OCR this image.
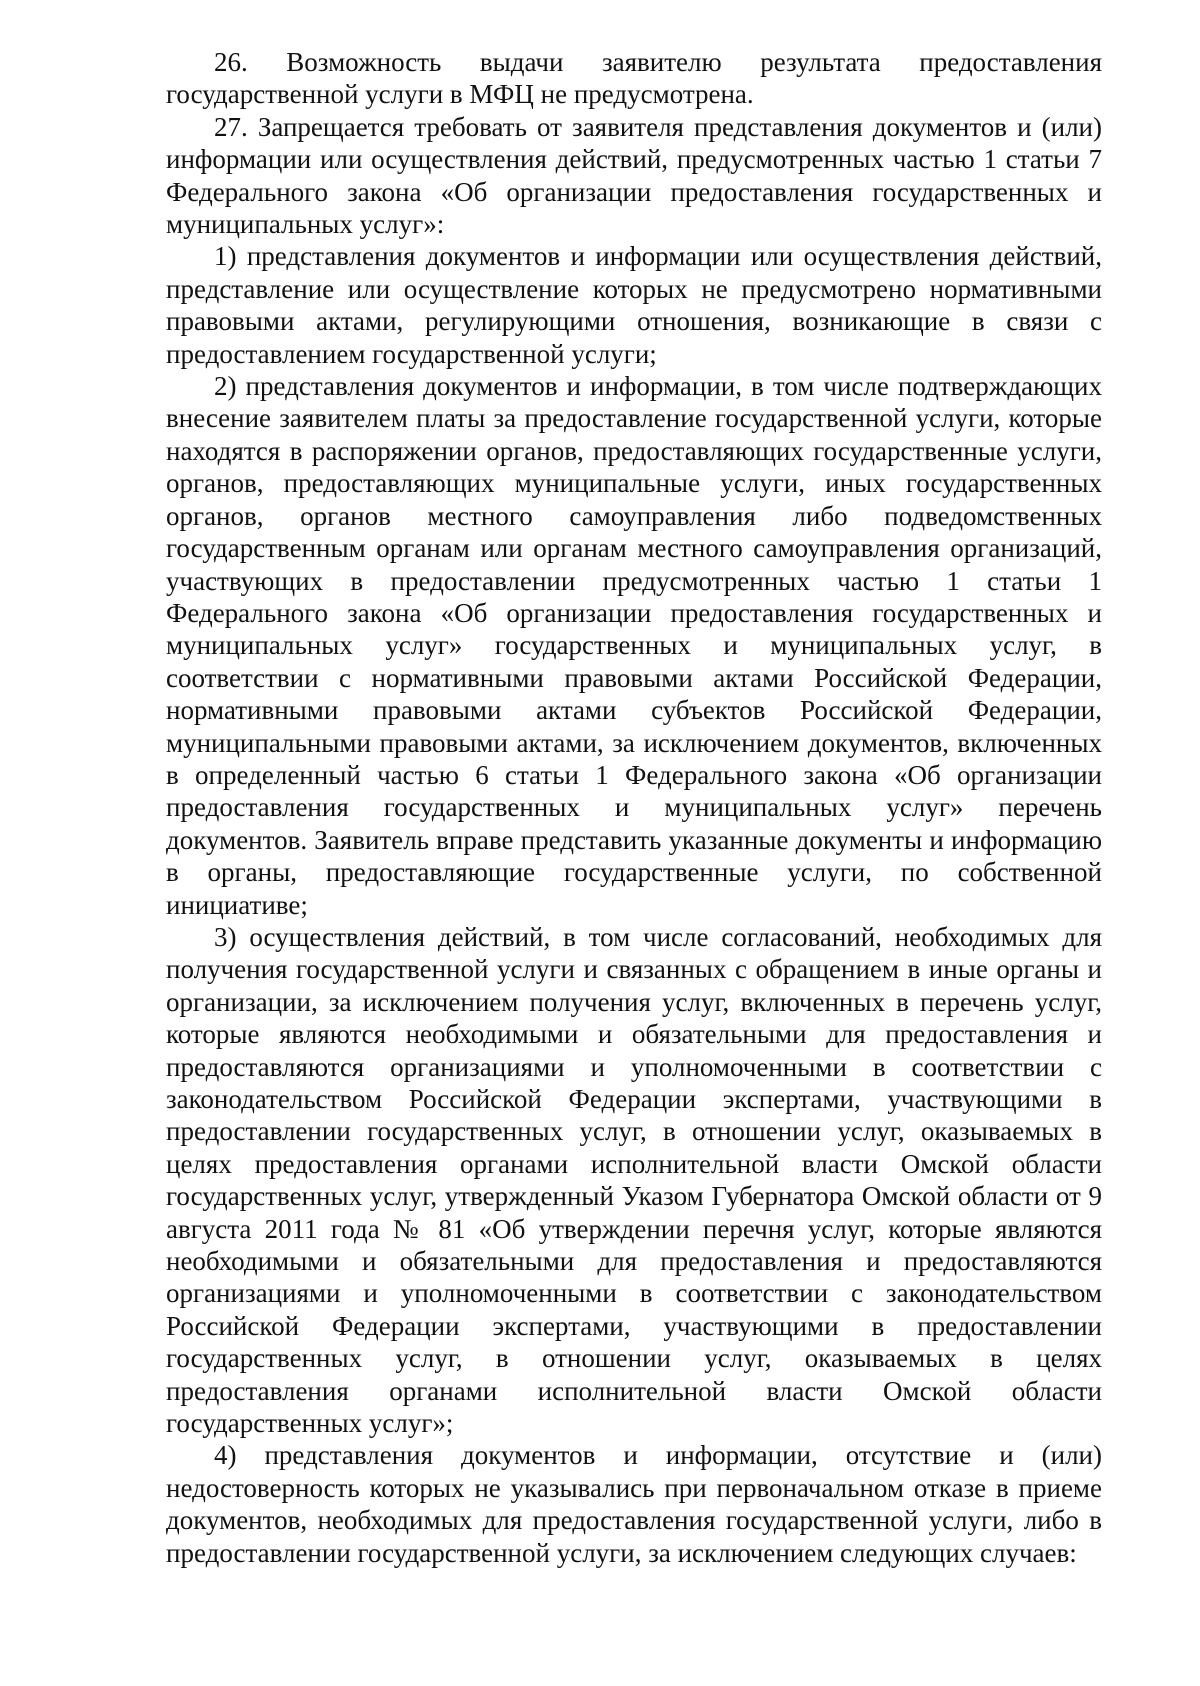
26. Возможность выдачи заявителю результата предоставления государственной услуги в МФЦ не предусмотрена.

27. Запрещается требовать от заявителя представления документов и (или) информации или осуществления действий, предусмотренных частью 1 статьи 7 Федерального закона «Об организации предоставления государственных и муниципальных услуг»:

1) представления документов и информации или осуществления действий, представление или осуществление которых не предусмотрено нормативными правовыми актами, регулирующими отношения, возникающие в связи с предоставлением государственной услуги;

2) представления документов и информации, в том числе подтверждающих внесение заявителем платы за предоставление государственной услуги, которые находятся в распоряжении органов, предоставляющих государственные услуги, органов, предоставляющих муниципальные услуги, иных государственных органов, органов местного самоуправления либо подведомственных государственным органам или органам местного самоуправления организаций, участвующих в предоставлении предусмотренных частью 1 статьи 1 Федерального закона «Об организации предоставления государственных и муниципальных услуг» государственных и муниципальных услуг, в соответствии с нормативными правовыми актами Российской Федерации, нормативными правовыми актами субъектов Российской Федерации, муниципальными правовыми актами, за исключением документов, включенных в определенный частью 6 статьи 1 Федерального закона «Об организации предоставления государственных и муниципальных услуг» перечень документов. Заявитель вправе представить указанные документы и информацию в органы, предоставляющие государственные услуги, по собственной инициативе;

3) осуществления действий, в том числе согласований, необходимых для получения государственной услуги и связанных с обращением в иные органы и организации, за исключением получения услуг, включенных в перечень услуг, которые являются необходимыми и обязательными для предоставления и предоставляются организациями и уполномоченными в соответствии с законодательством Российской Федерации экспертами, участвующими в предоставлении государственных услуг, в отношении услуг, оказываемых в целях предоставления органами исполнительной власти Омской области государственных услуг, утвержденный Указом Губернатора Омской области от 9 августа 2011 года № 81 «Об утверждении перечня услуг, которые являются необходимыми и обязательными для предоставления и предоставляются организациями и уполномоченными в соответствии с законодательством Российской Федерации экспертами, участвующими в предоставлении государственных услуг, в отношении услуг, оказываемых в целях предоставления органами исполнительной власти Омской области государственных услуг»;

4) представления документов и информации, отсутствие и (или) недостоверность которых не указывались при первоначальном отказе в приеме документов, необходимых для предоставления государственной услуги, либо в предоставлении государственной услуги, за исключением следующих случаев:
